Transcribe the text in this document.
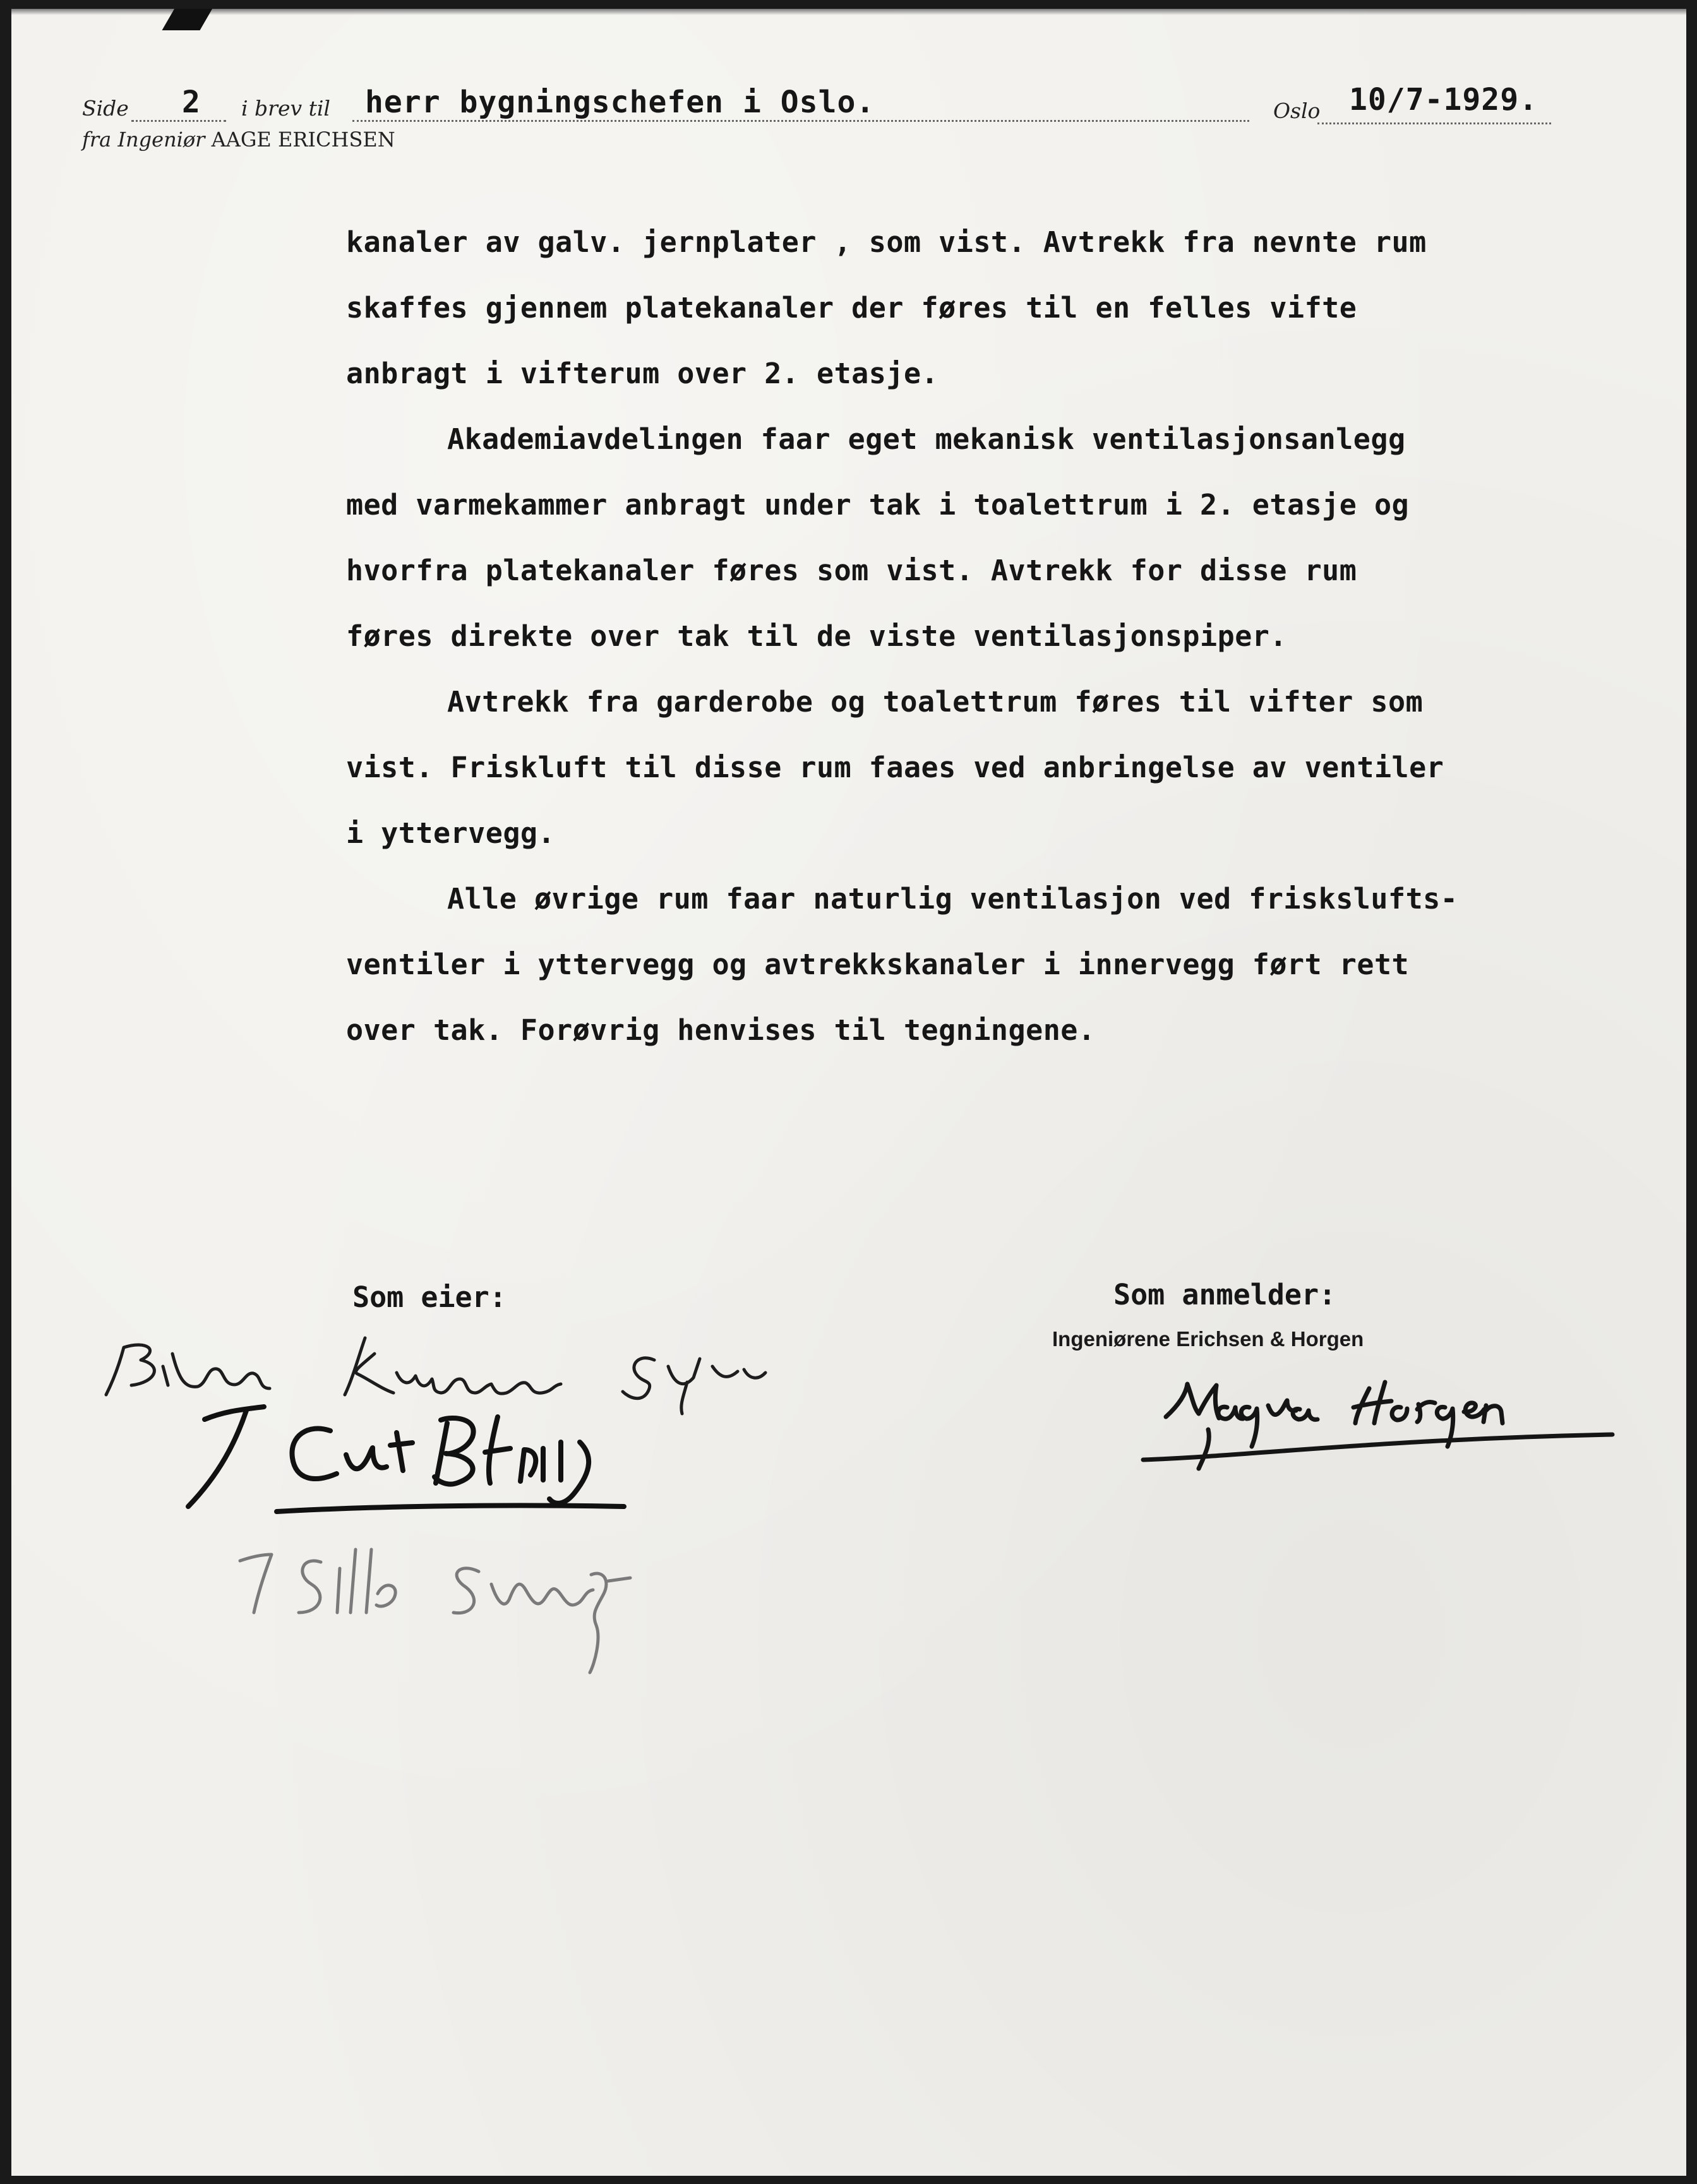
Side 2 i brev til herr bygningschefen i Oslo.	Oslo 10/7-1929.
fra Ingeniør AAGE ERICHSEN

kanaler av galv. jernplater , som vist. Avtrekk fra nevnte rum

skaffes gjennem platekanaler der føres til en felles vifte

anbragt i vifterum over 2. etasje.

Akademiavdelingen faar eget mekanisk ventilasjonsanlegg

med varmekammer anbragt under tak i toalettrum i 2. etasje og

hvorfra platekanaler føres som vist. Avtrekk for disse rum

føres direkte over tak til de viste ventilasjonspiper.

Avtrekk fra garderobe og toalettrum føres til vifter som

vist. Friskluft til disse rum faaes ved anbringelse av ventiler

i yttervegg.

Alle øvrige rum faar naturlig ventilasjon ved friskslufts-

ventiler i yttervegg og avtrekkskanaler i innervegg ført rett

over tak. Forøvrig henvises til tegningene.

Som eier:	Som anmelder:
Ingeniørene Erichsen & Horgen
